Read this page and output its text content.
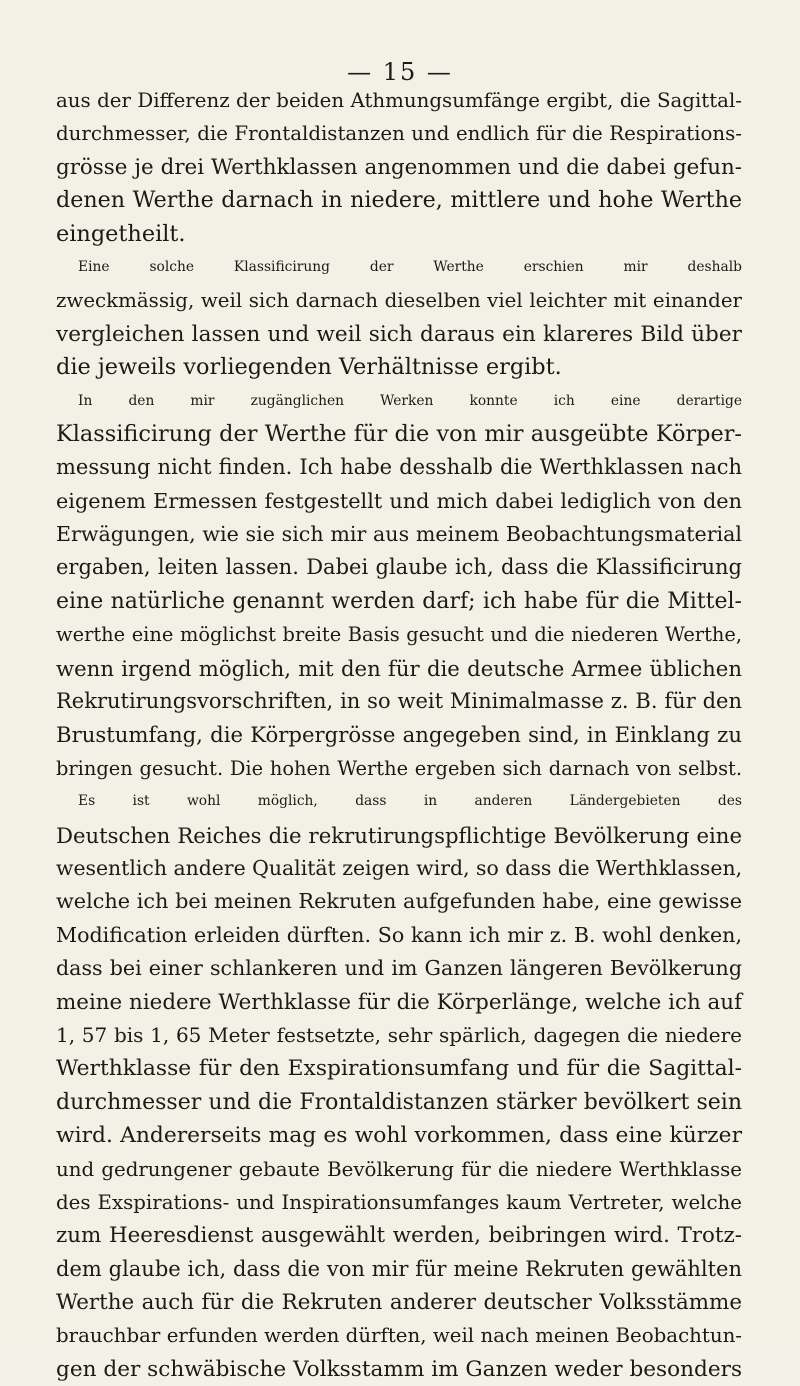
— 15 —
aus der Differenz der beiden Athmungsumfänge ergibt, die Sagittal-
durchmesser, die Frontaldistanzen und endlich für die Respirations-
grösse je drei Werthklassen angenommen und die dabei gefun-
denen Werthe darnach in niedere, mittlere und hohe Werthe
eingetheilt.
Eine solche Klassificirung der Werthe erschien mir deshalb
zweckmässig, weil sich darnach dieselben viel leichter mit einander
vergleichen lassen und weil sich daraus ein klareres Bild über
die jeweils vorliegenden Verhältnisse ergibt.
In den mir zugänglichen Werken konnte ich eine derartige
Klassificirung der Werthe für die von mir ausgeübte Körper-
messung nicht finden. Ich habe desshalb die Werthklassen nach
eigenem Ermessen festgestellt und mich dabei lediglich von den
Erwägungen, wie sie sich mir aus meinem Beobachtungsmaterial
ergaben, leiten lassen. Dabei glaube ich, dass die Klassificirung
eine natürliche genannt werden darf; ich habe für die Mittel-
werthe eine möglichst breite Basis gesucht und die niederen Werthe,
wenn irgend möglich, mit den für die deutsche Armee üblichen
Rekrutirungsvorschriften, in so weit Minimalmasse z. B. für den
Brustumfang, die Körpergrösse angegeben sind, in Einklang zu
bringen gesucht. Die hohen Werthe ergeben sich darnach von selbst.
Es ist wohl möglich, dass in anderen Ländergebieten des
Deutschen Reiches die rekrutirungspflichtige Bevölkerung eine
wesentlich andere Qualität zeigen wird, so dass die Werthklassen,
welche ich bei meinen Rekruten aufgefunden habe, eine gewisse
Modification erleiden dürften. So kann ich mir z. B. wohl denken,
dass bei einer schlankeren und im Ganzen längeren Bevölkerung
meine niedere Werthklasse für die Körperlänge, welche ich auf
1, 57 bis 1, 65 Meter festsetzte, sehr spärlich, dagegen die niedere
Werthklasse für den Exspirationsumfang und für die Sagittal-
durchmesser und die Frontaldistanzen stärker bevölkert sein
wird. Andererseits mag es wohl vorkommen, dass eine kürzer
und gedrungener gebaute Bevölkerung für die niedere Werthklasse
des Exspirations- und Inspirationsumfanges kaum Vertreter, welche
zum Heeresdienst ausgewählt werden, beibringen wird. Trotz-
dem glaube ich, dass die von mir für meine Rekruten gewählten
Werthe auch für die Rekruten anderer deutscher Volksstämme
brauchbar erfunden werden dürften, weil nach meinen Beobachtun-
gen der schwäbische Volksstamm im Ganzen weder besonders
